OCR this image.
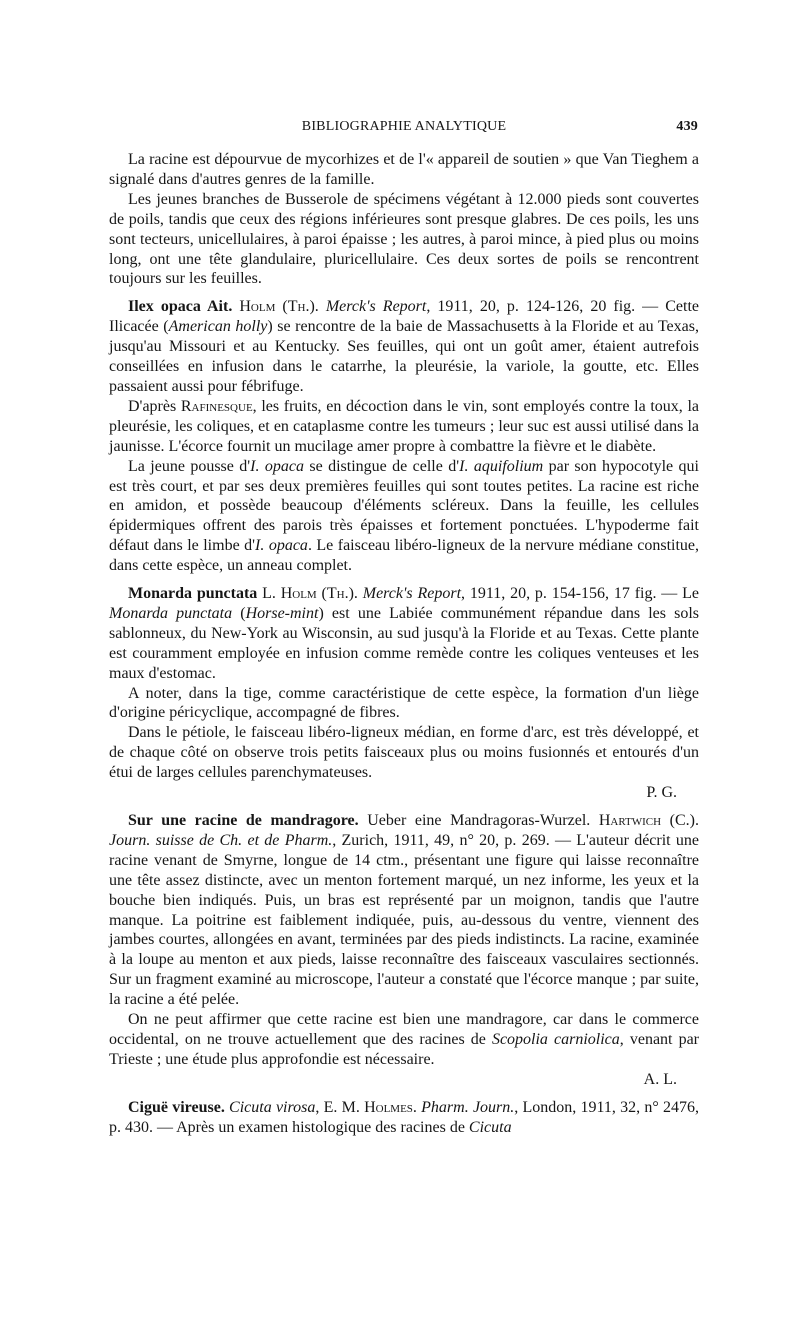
BIBLIOGRAPHIE ANALYTIQUE	439

La racine est dépourvue de mycorhizes et de l'« appareil de soutien » que Van Tieghem a signalé dans d'autres genres de la famille.

Les jeunes branches de Busserole de spécimens végétant à 12.000 pieds sont couvertes de poils, tandis que ceux des régions inférieures sont presque glabres. De ces poils, les uns sont tecteurs, unicellulaires, à paroi épaisse ; les autres, à paroi mince, à pied plus ou moins long, ont une tête glandulaire, pluricellulaire. Ces deux sortes de poils se rencontrent toujours sur les feuilles.

Ilex opaca Ait. Holm (Th.). Merck's Report, 1911, 20, p. 124-126, 20 fig. — Cette Ilicacée (American holly) se rencontre de la baie de Massachusetts à la Floride et au Texas, jusqu'au Missouri et au Kentucky. Ses feuilles, qui ont un goût amer, étaient autrefois conseillées en infusion dans le catarrhe, la pleurésie, la variole, la goutte, etc. Elles passaient aussi pour fébrifuge.

D'après Rafinesque, les fruits, en décoction dans le vin, sont employés contre la toux, la pleurésie, les coliques, et en cataplasme contre les tumeurs ; leur suc est aussi utilisé dans la jaunisse. L'écorce fournit un mucilage amer propre à combattre la fièvre et le diabète.

La jeune pousse d'I. opaca se distingue de celle d'I. aquifolium par son hypocotyle qui est très court, et par ses deux premières feuilles qui sont toutes petites. La racine est riche en amidon, et possède beaucoup d'éléments scléreux. Dans la feuille, les cellules épidermiques offrent des parois très épaisses et fortement ponctuées. L'hypoderme fait défaut dans le limbe d'I. opaca. Le faisceau libéro-ligneux de la nervure médiane constitue, dans cette espèce, un anneau complet.

Monarda punctata L. Holm (Th.). Merck's Report, 1911, 20, p. 154-156, 17 fig. — Le Monarda punctata (Horse-mint) est une Labiée communément répandue dans les sols sablonneux, du New-York au Wisconsin, au sud jusqu'à la Floride et au Texas. Cette plante est couramment employée en infusion comme remède contre les coliques venteuses et les maux d'estomac.

A noter, dans la tige, comme caractéristique de cette espèce, la formation d'un liège d'origine péricyclique, accompagné de fibres.

Dans le pétiole, le faisceau libéro-ligneux médian, en forme d'arc, est très développé, et de chaque côté on observe trois petits faisceaux plus ou moins fusionnés et entourés d'un étui de larges cellules parenchymateuses.

P. G.

Sur une racine de mandragore. Ueber eine Mandragoras-Wurzel. Hartwich (C.). Journ. suisse de Ch. et de Pharm., Zurich, 1911, 49, n° 20, p. 269. — L'auteur décrit une racine venant de Smyrne, longue de 14 ctm., présentant une figure qui laisse reconnaître une tête assez distincte, avec un menton fortement marqué, un nez informe, les yeux et la bouche bien indiqués. Puis, un bras est représenté par un moignon, tandis que l'autre manque. La poitrine est faiblement indiquée, puis, au-dessous du ventre, viennent des jambes courtes, allongées en avant, terminées par des pieds indistincts. La racine, examinée à la loupe au menton et aux pieds, laisse reconnaître des faisceaux vasculaires sectionnés. Sur un fragment examiné au microscope, l'auteur a constaté que l'écorce manque ; par suite, la racine a été pelée.

On ne peut affirmer que cette racine est bien une mandragore, car dans le commerce occidental, on ne trouve actuellement que des racines de Scopolia carniolica, venant par Trieste ; une étude plus approfondie est nécessaire.

A. L.

Ciguë vireuse. Cicuta virosa, E. M. Holmes. Pharm. Journ., London, 1911, 32, n° 2476, p. 430. — Après un examen histologique des racines de Cicuta
